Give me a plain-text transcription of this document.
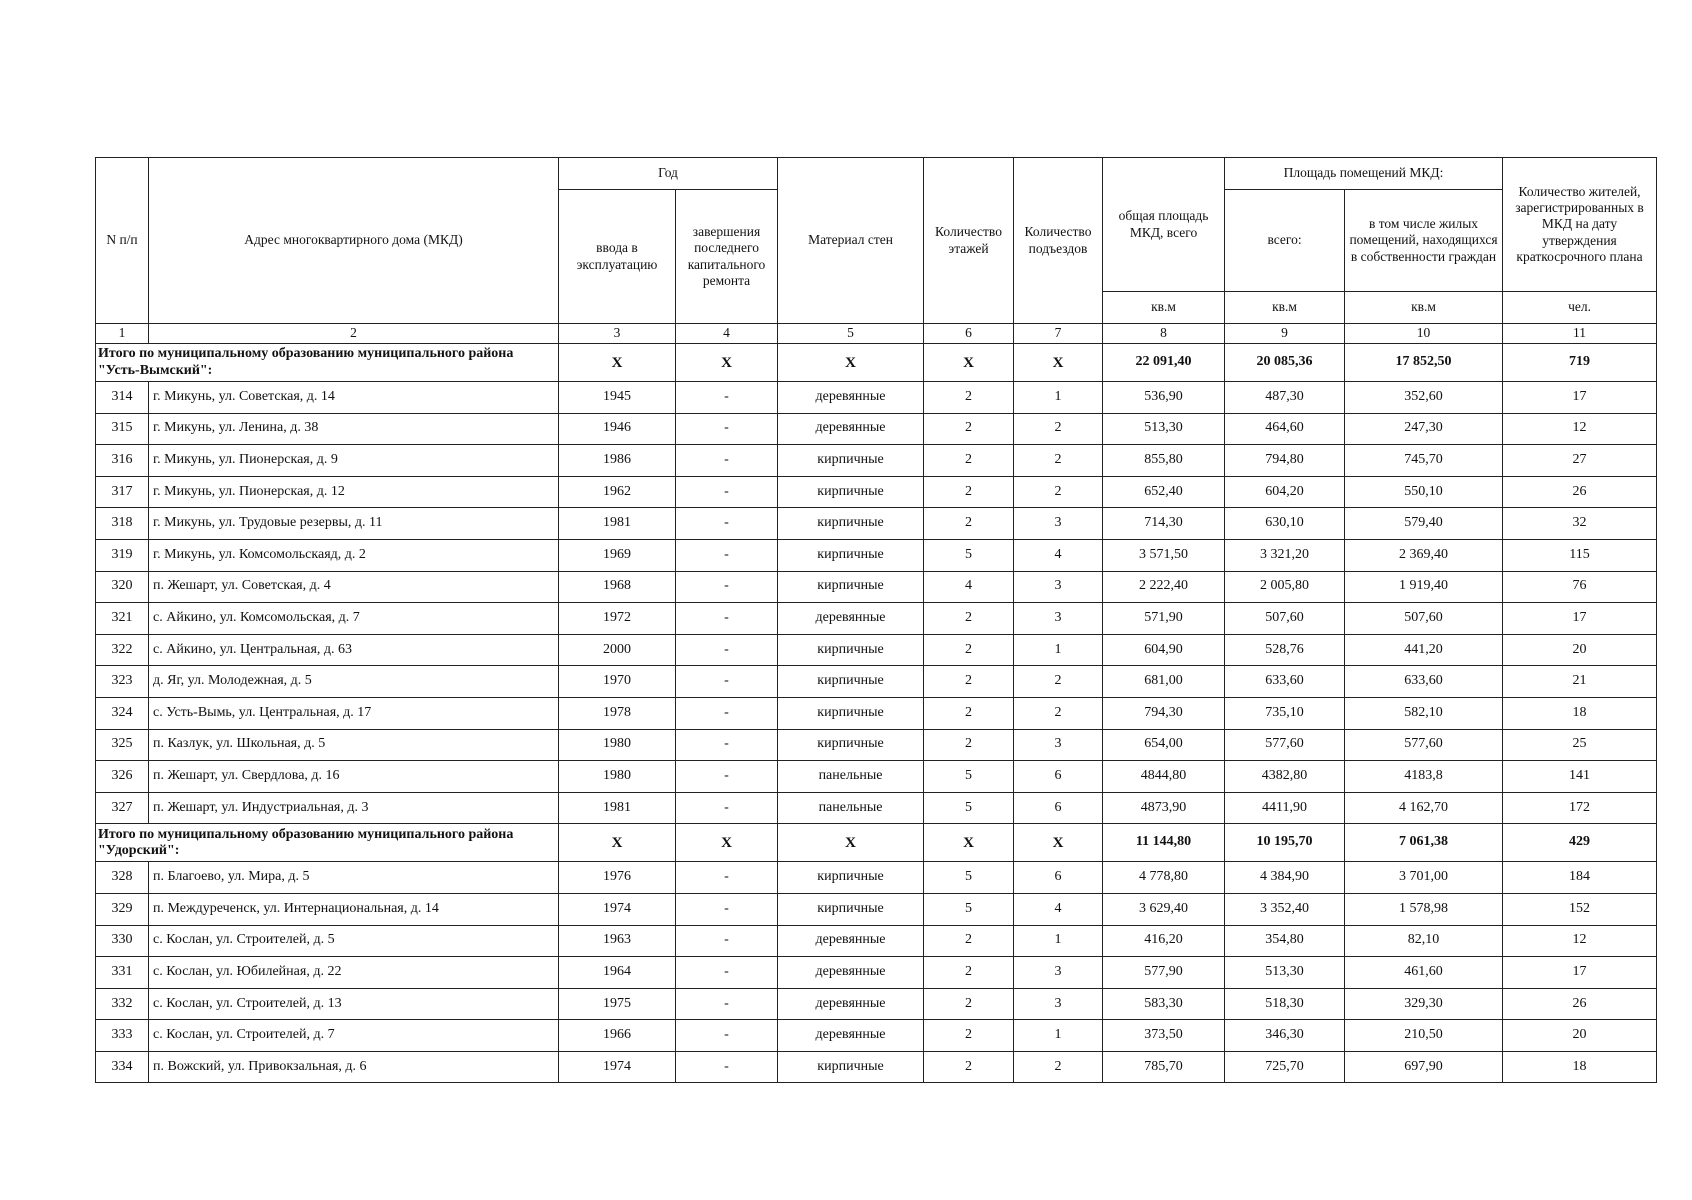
N п/п	Адрес многоквартирного дома (МКД)	Год		Материал стен	Количество этажей	Количество подъездов	общая площадь МКД, всего	Площадь помещений МКД:		Количество жителей, зарегистрированных в МКД на дату утверждения краткосрочного плана
		ввода в эксплуатацию	завершения последнего капитального ремонта					всего:	в том числе жилых помещений, находящихся в собственности граждан	
							кв.м	кв.м	кв.м	чел.
1	2	3	4	5	6	7	8	9	10	11
Итого по муниципальному образованию муниципального района "Усть-Вымский":		X	X	X	X	X	22 091,40	20 085,36	17 852,50	719
314	г. Микунь, ул. Советская, д. 14	1945	-	деревянные	2	1	536,90	487,30	352,60	17
315	г. Микунь, ул. Ленина, д. 38	1946	-	деревянные	2	2	513,30	464,60	247,30	12
316	г. Микунь, ул. Пионерская, д. 9	1986	-	кирпичные	2	2	855,80	794,80	745,70	27
317	г. Микунь, ул. Пионерская, д. 12	1962	-	кирпичные	2	2	652,40	604,20	550,10	26
318	г. Микунь, ул. Трудовые резервы, д. 11	1981	-	кирпичные	2	3	714,30	630,10	579,40	32
319	г. Микунь, ул. Комсомольскаяд, д. 2	1969	-	кирпичные	5	4	3 571,50	3 321,20	2 369,40	115
320	п. Жешарт, ул. Советская, д. 4	1968	-	кирпичные	4	3	2 222,40	2 005,80	1 919,40	76
321	с. Айкино, ул. Комсомольская, д. 7	1972	-	деревянные	2	3	571,90	507,60	507,60	17
322	с. Айкино, ул. Центральная, д. 63	2000	-	кирпичные	2	1	604,90	528,76	441,20	20
323	д. Яг, ул. Молодежная, д. 5	1970	-	кирпичные	2	2	681,00	633,60	633,60	21
324	с. Усть-Вымь, ул. Центральная, д. 17	1978	-	кирпичные	2	2	794,30	735,10	582,10	18
325	п. Казлук, ул. Школьная, д. 5	1980	-	кирпичные	2	3	654,00	577,60	577,60	25
326	п. Жешарт, ул. Свердлова, д. 16	1980	-	панельные	5	6	4844,80	4382,80	4183,8	141
327	п. Жешарт, ул. Индустриальная, д. 3	1981	-	панельные	5	6	4873,90	4411,90	4 162,70	172
Итого по муниципальному образованию муниципального района "Удорский":		X	X	X	X	X	11 144,80	10 195,70	7 061,38	429
328	п. Благоево, ул. Мира, д. 5	1976	-	кирпичные	5	6	4 778,80	4 384,90	3 701,00	184
329	п. Междуреченск, ул. Интернациональная, д. 14	1974	-	кирпичные	5	4	3 629,40	3 352,40	1 578,98	152
330	с. Кослан, ул. Строителей, д. 5	1963	-	деревянные	2	1	416,20	354,80	82,10	12
331	с. Кослан, ул. Юбилейная, д. 22	1964	-	деревянные	2	3	577,90	513,30	461,60	17
332	с. Кослан, ул. Строителей, д. 13	1975	-	деревянные	2	3	583,30	518,30	329,30	26
333	с. Кослан, ул. Строителей, д. 7	1966	-	деревянные	2	1	373,50	346,30	210,50	20
334	п. Вожский, ул. Привокзальная, д. 6	1974	-	кирпичные	2	2	785,70	725,70	697,90	18
